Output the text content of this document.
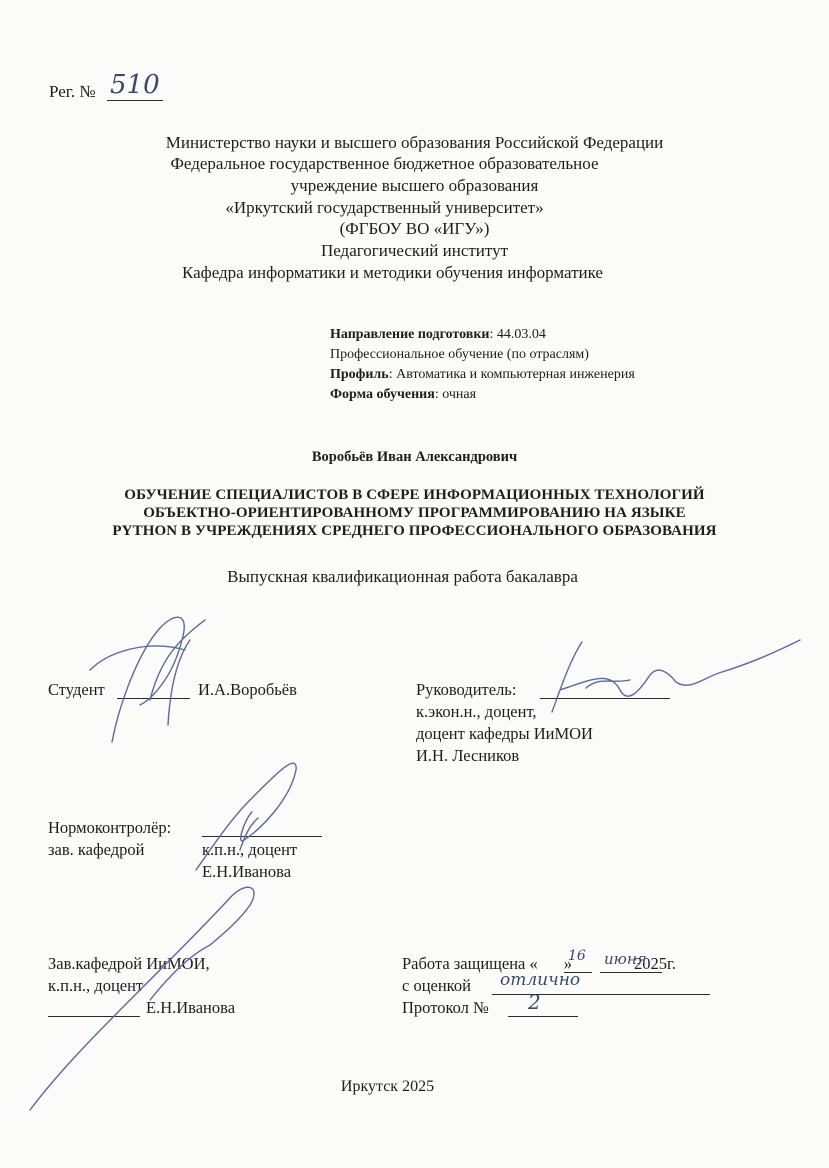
Рег. № 510
Министерство науки и высшего образования Российской Федерации
Федеральное государственное бюджетное образовательное
учреждение высшего образования
«Иркутский государственный университет»
(ФГБОУ ВО «ИГУ»)
Педагогический институт
Кафедра информатики и методики обучения информатике
Направление подготовки: 44.03.04
Профессиональное обучение (по отраслям)
Профиль: Автоматика и компьютерная инженерия
Форма обучения: очная
Воробьёв Иван Александрович
ОБУЧЕНИЕ СПЕЦИАЛИСТОВ В СФЕРЕ ИНФОРМАЦИОННЫХ ТЕХНОЛОГИЙ
ОБЪЕКТНО-ОРИЕНТИРОВАННОМУ ПРОГРАММИРОВАНИЮ НА ЯЗЫКЕ
PYTHON В УЧРЕЖДЕНИЯХ СРЕДНЕГО ПРОФЕССИОНАЛЬНОГО ОБРАЗОВАНИЯ
Выпускная квалификационная работа бакалавра
Студент	И.А.Воробьёв	Руководитель:
к.экон.н., доцент,
доцент кафедры ИиМОИ
И.Н. Лесников
Нормоконтролёр:
зав. кафедрой	к.п.н., доцент
Е.Н.Иванова
Зав.кафедрой ИиМОИ,
к.п.н., доцент
Е.Н.Иванова
Работа защищена « »	2025г.
16 июня
с оценкой отлично
Протокол № 2
Иркутск 2025
